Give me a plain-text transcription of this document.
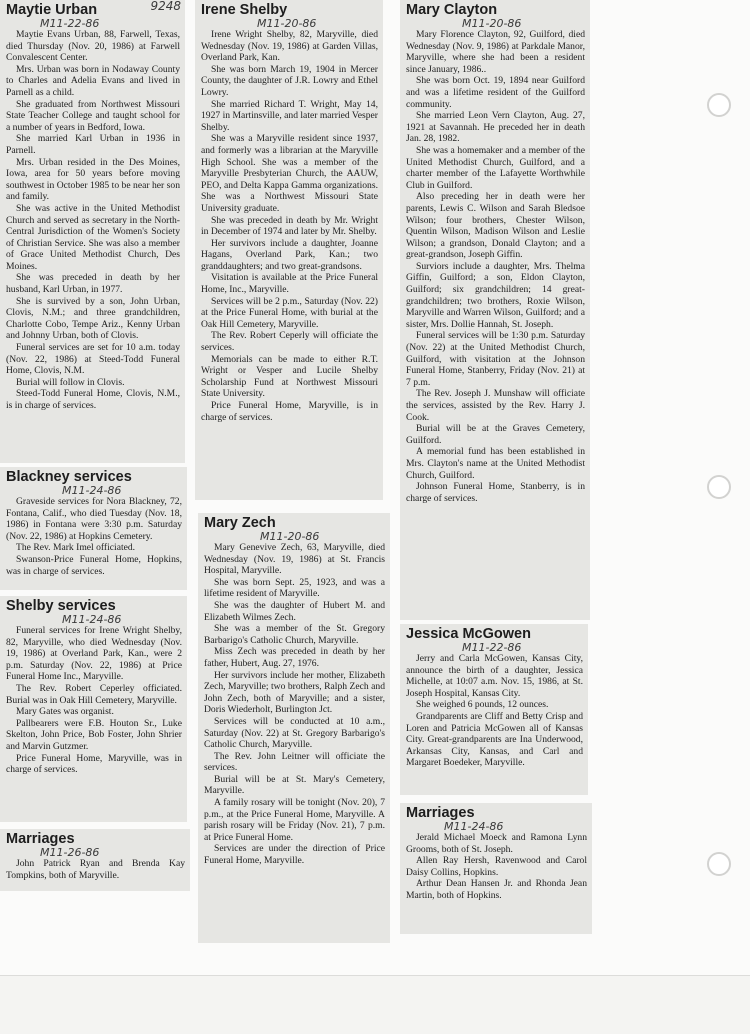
Maytie Urban	9248
M11-22-86

Maytie Evans Urban, 88, Farwell, Texas, died Thursday (Nov. 20, 1986) at Farwell Convalescent Center.

Mrs. Urban was born in Nodaway County to Charles and Adelia Evans and lived in Parnell as a child.

She graduated from Northwest Missouri State Teacher College and taught school for a number of years in Bedford, Iowa.

She married Karl Urban in 1936 in Parnell.

Mrs. Urban resided in the Des Moines, Iowa, area for 50 years before moving southwest in October 1985 to be near her son and family.

She was active in the United Methodist Church and served as secretary in the North-Central Jurisdiction of the Women's Society of Christian Service. She was also a member of Grace United Methodist Church, Des Moines.

She was preceded in death by her husband, Karl Urban, in 1977.

She is survived by a son, John Urban, Clovis, N.M.; and three grandchildren, Charlotte Cobo, Tempe Ariz., Kenny Urban and Johnny Urban, both of Clovis.

Funeral services are set for 10 a.m. today (Nov. 22, 1986) at Steed-Todd Funeral Home, Clovis, N.M.

Burial will follow in Clovis.

Steed-Todd Funeral Home, Clovis, N.M., is in charge of services.

Blackney services
M11-24-86

Graveside services for Nora Blackney, 72, Fontana, Calif., who died Tuesday (Nov. 18, 1986) in Fontana were 3:30 p.m. Saturday (Nov. 22, 1986) at Hopkins Cemetery.

The Rev. Mark Imel officiated.

Swanson-Price Funeral Home, Hopkins, was in charge of services.

Shelby services
M11-24-86

Funeral services for Irene Wright Shelby, 82, Maryville, who died Wednesday (Nov. 19, 1986) at Overland Park, Kan., were 2 p.m. Saturday (Nov. 22, 1986) at Price Funeral Home Inc., Maryville.

The Rev. Robert Ceperley officiated. Burial was in Oak Hill Cemetery, Maryville.

Mary Gates was organist.

Pallbearers were F.B. Houton Sr., Luke Skelton, John Price, Bob Foster, John Shrier and Marvin Gutzmer.

Price Funeral Home, Maryville, was in charge of services.

Marriages
M11-26-86

John Patrick Ryan and Brenda Kay Tompkins, both of Maryville.

Irene Shelby
M11-20-86

Irene Wright Shelby, 82, Maryville, died Wednesday (Nov. 19, 1986) at Garden Villas, Overland Park, Kan.

She was born March 19, 1904 in Mercer County, the daughter of J.R. Lowry and Ethel Lowry.

She married Richard T. Wright, May 14, 1927 in Martinsville, and later married Vesper Shelby.

She was a Maryville resident since 1937, and formerly was a librarian at the Maryville High School. She was a member of the Maryville Presbyterian Church, the AAUW, PEO, and Delta Kappa Gamma organizations. She was a Northwest Missouri State University graduate.

She was preceded in death by Mr. Wright in December of 1974 and later by Mr. Shelby.

Her survivors include a daughter, Joanne Hagans, Overland Park, Kan.; two granddaughters; and two great-grandsons.

Visitation is available at the Price Funeral Home, Inc., Maryville.

Services will be 2 p.m., Saturday (Nov. 22) at the Price Funeral Home, with burial at the Oak Hill Cemetery, Maryville.

The Rev. Robert Ceperly will officiate the services.

Memorials can be made to either R.T. Wright or Vesper and Lucile Shelby Scholarship Fund at Northwest Missouri State University.

Price Funeral Home, Maryville, is in charge of services.

Mary Zech
M11-20-86

Mary Genevive Zech, 63, Maryville, died Wednesday (Nov. 19, 1986) at St. Francis Hospital, Maryville.

She was born Sept. 25, 1923, and was a lifetime resident of Maryville.

She was the daughter of Hubert M. and Elizabeth Wilmes Zech.

She was a member of the St. Gregory Barbarigo's Catholic Church, Maryville.

Miss Zech was preceded in death by her father, Hubert, Aug. 27, 1976.

Her survivors include her mother, Elizabeth Zech, Maryville; two brothers, Ralph Zech and John Zech, both of Maryville; and a sister, Doris Wiederholt, Burlington Jct.

Services will be conducted at 10 a.m., Saturday (Nov. 22) at St. Gregory Barbarigo's Catholic Church, Maryville.

The Rev. John Leitner will officiate the services.

Burial will be at St. Mary's Cemetery, Maryville.

A family rosary will be tonight (Nov. 20), 7 p.m., at the Price Funeral Home, Maryville. A parish rosary will be Friday (Nov. 21), 7 p.m. at Price Funeral Home.

Services are under the direction of Price Funeral Home, Maryville.

Mary Clayton
M11-20-86

Mary Florence Clayton, 92, Guilford, died Wednesday (Nov. 9, 1986) at Parkdale Manor, Maryville, where she had been a resident since January, 1986..

She was born Oct. 19, 1894 near Guilford and was a lifetime resident of the Guilford community.

She married Leon Vern Clayton, Aug. 27, 1921 at Savannah. He preceded her in death Jan. 28, 1982.

She was a homemaker and a member of the United Methodist Church, Guilford, and a charter member of the Lafayette Worthwhile Club in Guilford.

Also preceding her in death were her parents, Lewis C. Wilson and Sarah Bledsoe Wilson; four brothers, Chester Wilson, Quentin Wilson, Madison Wilson and Leslie Wilson; a grandson, Donald Clayton; and a great-grandson, Joseph Giffin.

Surviors include a daughter, Mrs. Thelma Giffin, Guilford; a son, Eldon Clayton, Guilford; six grandchildren; 14 great-grandchildren; two brothers, Roxie Wilson, Maryville and Warren Wilson, Guilford; and a sister, Mrs. Dollie Hannah, St. Joseph.

Funeral services will be 1:30 p.m. Saturday (Nov. 22) at the United Methodist Church, Guilford, with visitation at the Johnson Funeral Home, Stanberry, Friday (Nov. 21) at 7 p.m.

The Rev. Joseph J. Munshaw will officiate the services, assisted by the Rev. Harry J. Cook.

Burial will be at the Graves Cemetery, Guilford.

A memorial fund has been established in Mrs. Clayton's name at the United Methodist Church, Guilford.

Johnson Funeral Home, Stanberry, is in charge of services.

Jessica McGowen
M11-22-86

Jerry and Carla McGowen, Kansas City, announce the birth of a daughter, Jessica Michelle, at 10:07 a.m. Nov. 15, 1986, at St. Joseph Hospital, Kansas City.

She weighed 6 pounds, 12 ounces.

Grandparents are Cliff and Betty Crisp and Loren and Patricia McGowen all of Kansas City. Great-grandparents are Ina Underwood, Arkansas City, Kansas, and Carl and Margaret Boedeker, Maryville.

Marriages
M11-24-86

Jerald Michael Moeck and Ramona Lynn Grooms, both of St. Joseph.

Allen Ray Hersh, Ravenwood and Carol Daisy Collins, Hopkins.

Arthur Dean Hansen Jr. and Rhonda Jean Martin, both of Hopkins.
